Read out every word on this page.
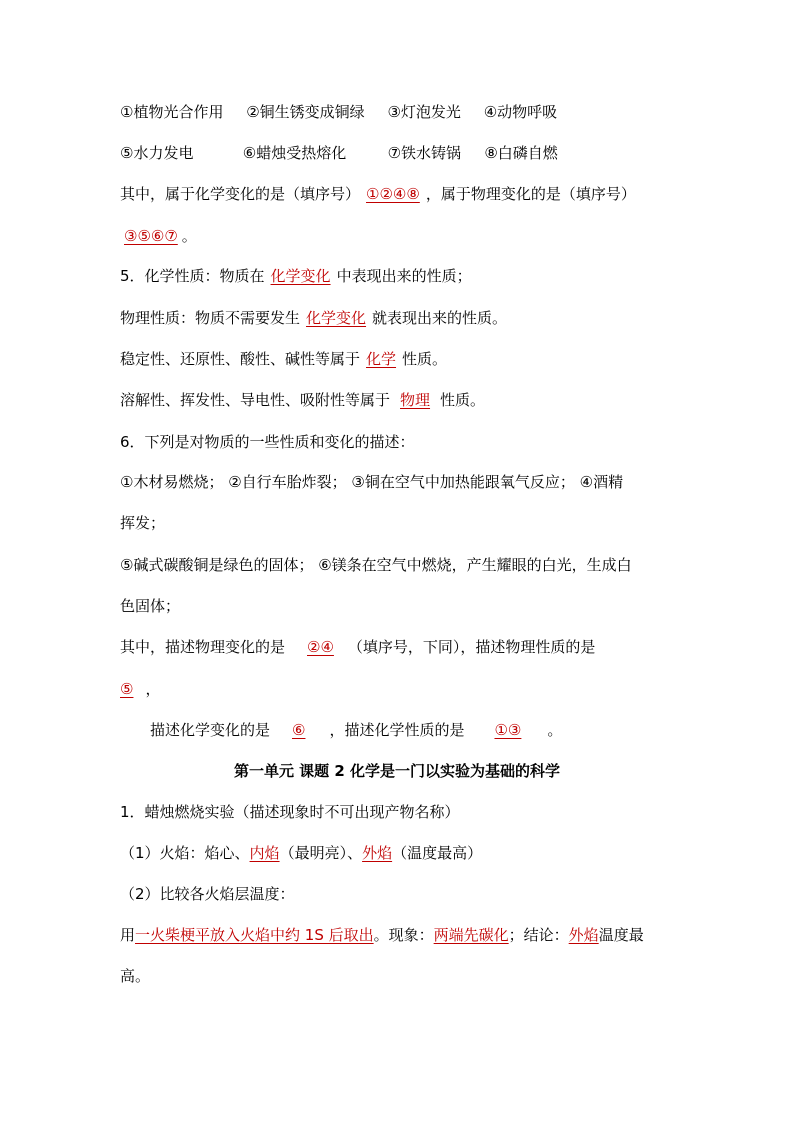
①植物光合作用 ②铜生锈变成铜绿 ③灯泡发光 ④动物呼吸
⑤水力发电	⑥蜡烛受热熔化	⑦铁水铸锅 ⑧白磷自燃
其中，属于化学变化的是（填序号） ①②④⑧ ，属于物理变化的是（填序号）
③⑤⑥⑦ 。
5．化学性质：物质在 化学变化 中表现出来的性质；
物理性质：物质不需要发生 化学变化 就表现出来的性质。
稳定性、还原性、酸性、碱性等属于 化学 性质。
溶解性、挥发性、导电性、吸附性等属于 物理 性质。
6．下列是对物质的一些性质和变化的描述：
①木材易燃烧； ②自行车胎炸裂； ③铜在空气中加热能跟氧气反应； ④酒精
挥发；
⑤碱式碳酸铜是绿色的固体； ⑥镁条在空气中燃烧，产生耀眼的白光，生成白
色固体；
其中，描述物理变化的是 ②④ （填序号，下同），描述物理性质的是
⑤ ，
描述化学变化的是 ⑥ ，描述化学性质的是 ①③ 。
第一单元 课题 2 化学是一门以实验为基础的科学
1．蜡烛燃烧实验（描述现象时不可出现产物名称）
（1）火焰：焰心、内焰（最明亮）、外焰（温度最高）
（2）比较各火焰层温度：
用一火柴梗平放入火焰中约 1S 后取出。现象：两端先碳化；结论：外焰温度最
高。
